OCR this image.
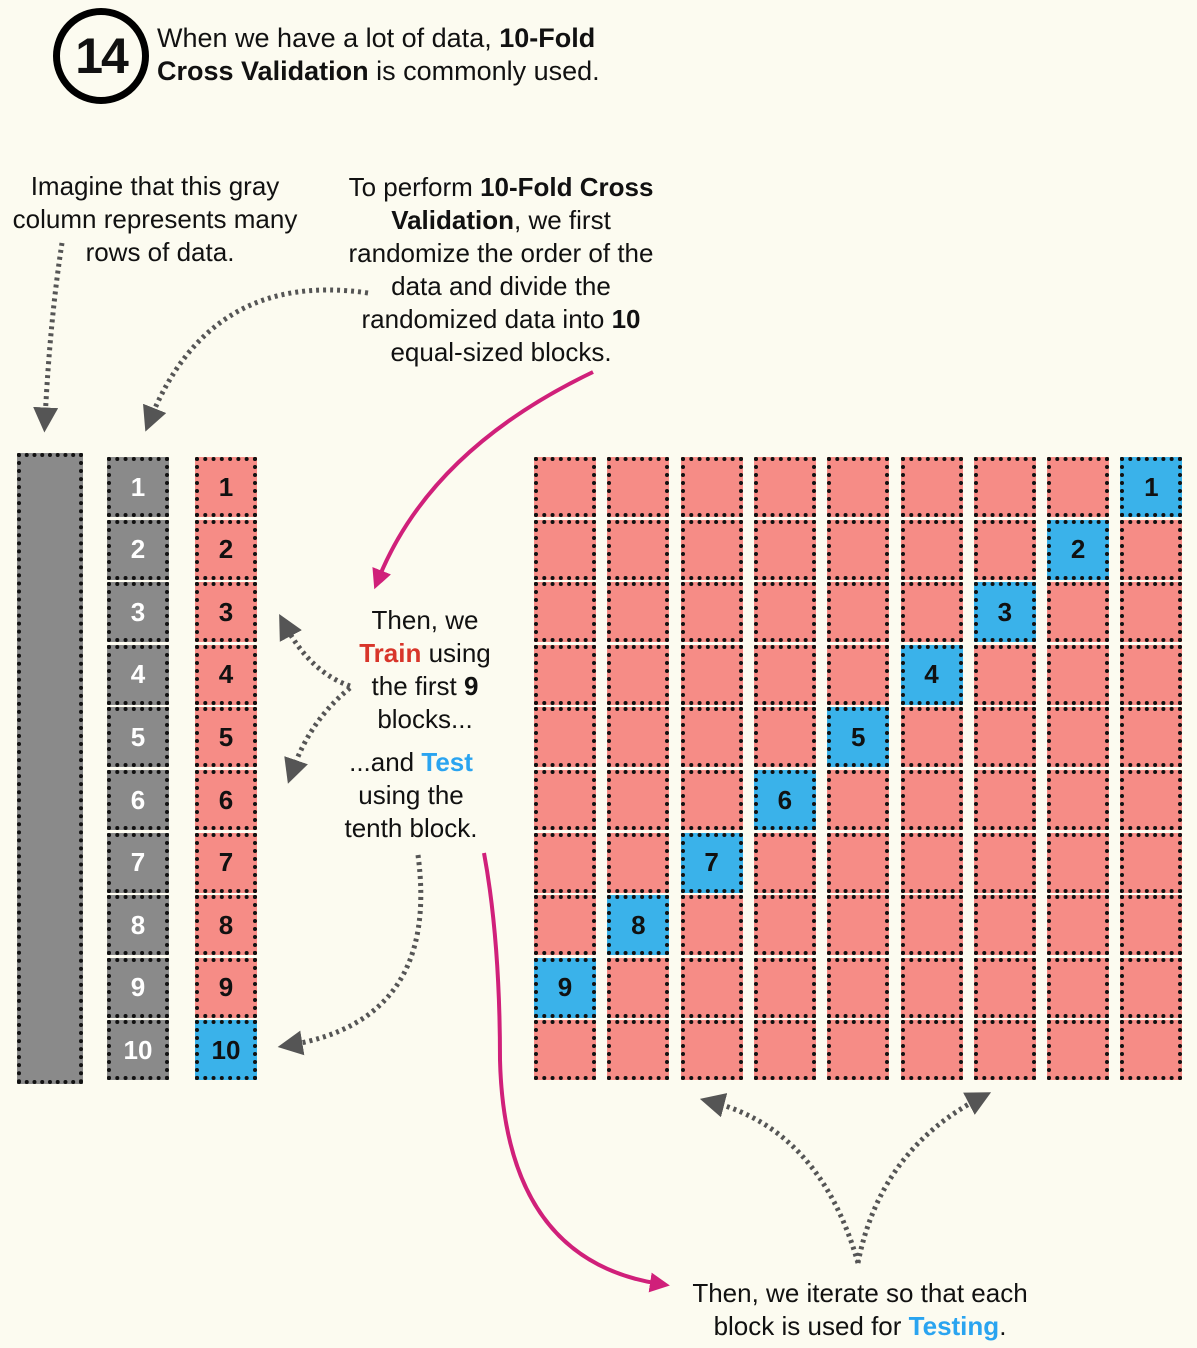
14 When we have a lot of data, 10-Fold
Cross Validation is commonly used.
Imagine that this gray
column represents many
rows of data.
To perform 10-Fold Cross
Validation, we first
randomize the order of the
data and divide the
randomized data into 10
equal-sized blocks.
Then, we
Train using
the first 9
blocks...
...and Test
using the
tenth block.
Then, we iterate so that each
block is used for Testing.
1
2
3
4
5
6
7
8
9
10
1
2
3
4
5
6
7
8
9
10
9
8
7
6
5
4
3
2
1
